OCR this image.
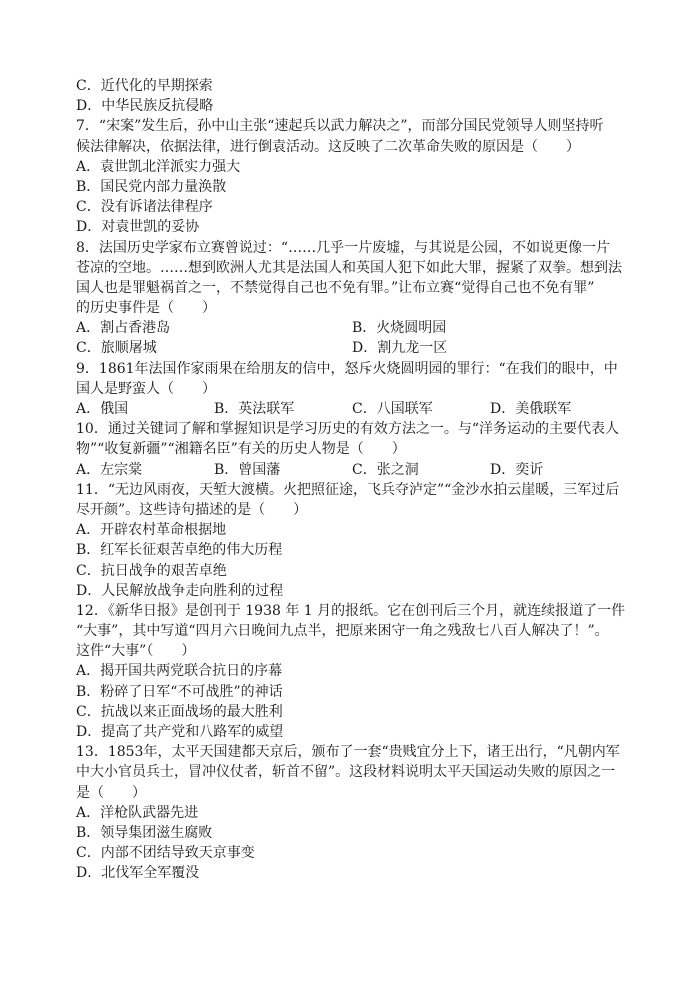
C．近代化的早期探索
D．中华民族反抗侵略
7．“宋案”发生后，孙中山主张“速起兵以武力解决之”，而部分国民党领导人则坚持听
候法律解决，依据法律，进行倒袁活动。这反映了二次革命失败的原因是（　　）
A．袁世凯北洋派实力强大
B．国民党内部力量涣散
C．没有诉诸法律程序
D．对袁世凯的妥协
8．法国历史学家布立赛曾说过：“……几乎一片废墟，与其说是公园，不如说更像一片
苍凉的空地。……想到欧洲人尤其是法国人和英国人犯下如此大罪，握紧了双拳。想到法
国人也是罪魁祸首之一，不禁觉得自己也不免有罪。”让布立赛“觉得自己也不免有罪”
的历史事件是（　　）
A．割占香港岛	B．火烧圆明园
C．旅顺屠城	D．割九龙一区
9．1861年法国作家雨果在给朋友的信中，怒斥火烧圆明园的罪行：“在我们的眼中，中
国人是野蛮人（　　）
A．俄国	B．英法联军	C．八国联军	D．美俄联军
10．通过关键词了解和掌握知识是学习历史的有效方法之一。与“洋务运动的主要代表人
物”“收复新疆”“湘籍名臣”有关的历史人物是（　　）
A．左宗棠	B．曾国藩	C．张之洞	D．奕䜣
11．“无边风雨夜，天堑大渡横。火把照征途，飞兵夺泸定”“金沙水拍云崖暖，三军过后
尽开颜”。这些诗句描述的是（　　）
A．开辟农村革命根据地
B．红军长征艰苦卓绝的伟大历程
C．抗日战争的艰苦卓绝
D．人民解放战争走向胜利的过程
12．《新华日报》是创刊于 1938 年 1 月的报纸。它在创刊后三个月，就连续报道了一件
“大事”，其中写道“四月六日晚间九点半，把原来困守一角之残敌七八百人解决了！”。
这件“大事”（　　）
A．揭开国共两党联合抗日的序幕
B．粉碎了日军“不可战胜”的神话
C．抗战以来正面战场的最大胜利
D．提高了共产党和八路军的威望
13．1853年，太平天国建都天京后，颁布了一套“贵贱宜分上下，诸王出行，“凡朝内军
中大小官员兵士，冒冲仪仗者，斩首不留”。这段材料说明太平天国运动失败的原因之一
是（　　）
A．洋枪队武器先进
B．领导集团滋生腐败
C．内部不团结导致天京事变
D．北伐军全军覆没
